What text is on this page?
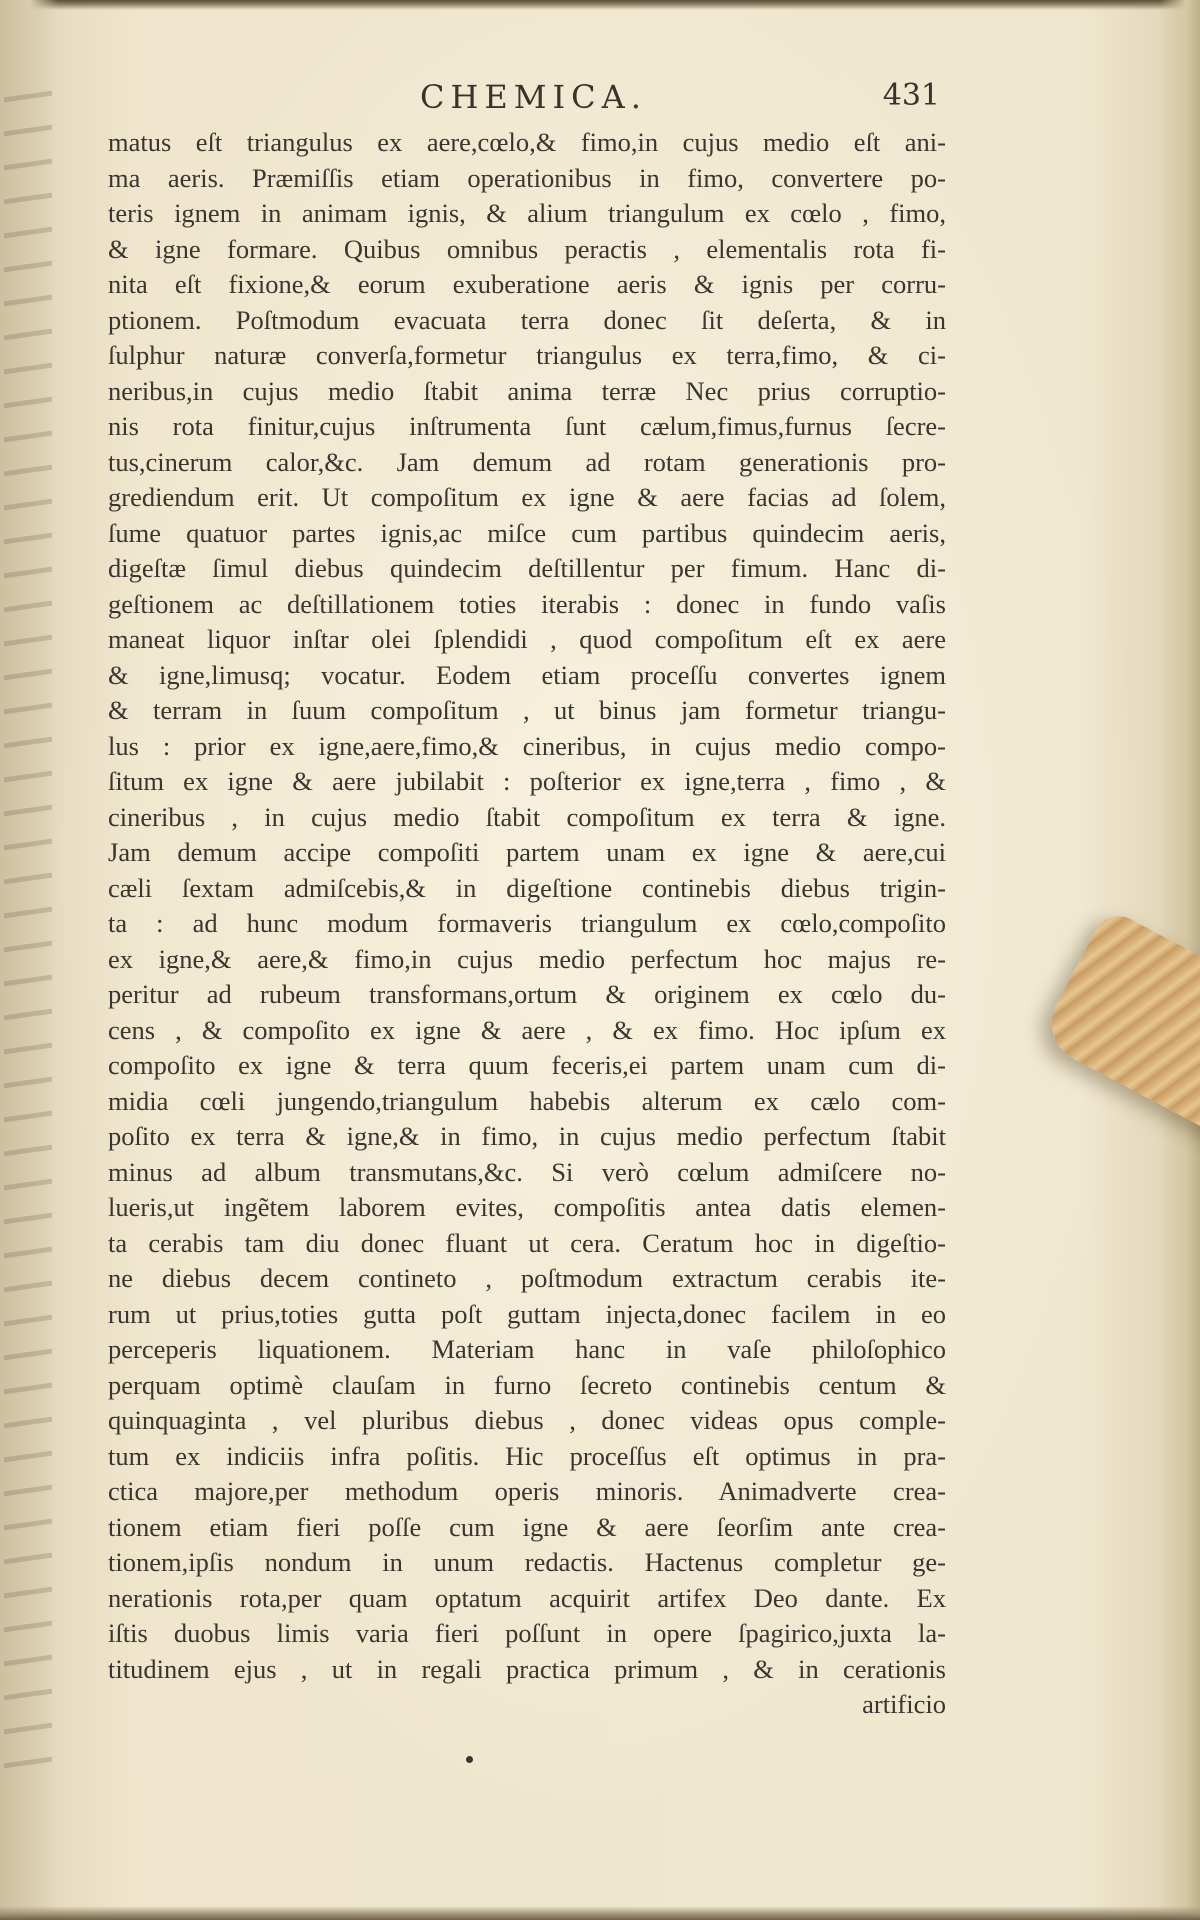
CHEMICA.	431
matus eſt triangulus ex aere,cœlo,& fimo,in cujus medio eſt ani-
ma aeris. Præmiſſis etiam operationibus in fimo, convertere po-
teris ignem in animam ignis, & alium triangulum ex cœlo , fimo,
& igne formare. Quibus omnibus peractis , elementalis rota fi-
nita eſt fixione,& eorum exuberatione aeris & ignis per corru-
ptionem. Poſtmodum evacuata terra donec ſit deſerta, & in
ſulphur naturæ converſa,formetur triangulus ex terra,fimo, & ci-
neribus,in cujus medio ſtabit anima terræ Nec prius corruptio-
nis rota finitur,cujus inſtrumenta ſunt cælum,fimus,furnus ſecre-
tus,cinerum calor,&c. Jam demum ad rotam generationis pro-
grediendum erit. Ut compoſitum ex igne & aere facias ad ſolem,
ſume quatuor partes ignis,ac miſce cum partibus quindecim aeris,
digeſtæ ſimul diebus quindecim deſtillentur per fimum. Hanc di-
geſtionem ac deſtillationem toties iterabis : donec in fundo vaſis
maneat liquor inſtar olei ſplendidi , quod compoſitum eſt ex aere
& igne,limusq; vocatur. Eodem etiam proceſſu convertes ignem
& terram in ſuum compoſitum , ut binus jam formetur triangu-
lus : prior ex igne,aere,fimo,& cineribus, in cujus medio compo-
ſitum ex igne & aere jubilabit : poſterior ex igne,terra , fimo , &
cineribus , in cujus medio ſtabit compoſitum ex terra & igne.
Jam demum accipe compoſiti partem unam ex igne & aere,cui
cæli ſextam admiſcebis,& in digeſtione continebis diebus trigin-
ta : ad hunc modum formaveris triangulum ex cœlo,compoſito
ex igne,& aere,& fimo,in cujus medio perfectum hoc majus re-
peritur ad rubeum transformans,ortum & originem ex cœlo du-
cens , & compoſito ex igne & aere , & ex fimo. Hoc ipſum ex
compoſito ex igne & terra quum feceris,ei partem unam cum di-
midia cœli jungendo,triangulum habebis alterum ex cælo com-
poſito ex terra & igne,& in fimo, in cujus medio perfectum ſtabit
minus ad album transmutans,&c. Si verò cœlum admiſcere no-
lueris,ut ingẽtem laborem evites, compoſitis antea datis elemen-
ta cerabis tam diu donec fluant ut cera. Ceratum hoc in digeſtio-
ne diebus decem contineto , poſtmodum extractum cerabis ite-
rum ut prius,toties gutta poſt guttam injecta,donec facilem in eo
perceperis liquationem. Materiam hanc in vaſe philoſophico
perquam optimè clauſam in furno ſecreto continebis centum &
quinquaginta , vel pluribus diebus , donec videas opus comple-
tum ex indiciis infra poſitis. Hic proceſſus eſt optimus in pra-
ctica majore,per methodum operis minoris. Animadverte crea-
tionem etiam fieri poſſe cum igne & aere ſeorſim ante crea-
tionem,ipſis nondum in unum redactis. Hactenus completur ge-
nerationis rota,per quam optatum acquirit artifex Deo dante. Ex
iſtis duobus limis varia fieri poſſunt in opere ſpagirico,juxta la-
titudinem ejus , ut in regali practica primum , & in cerationis
artificio
